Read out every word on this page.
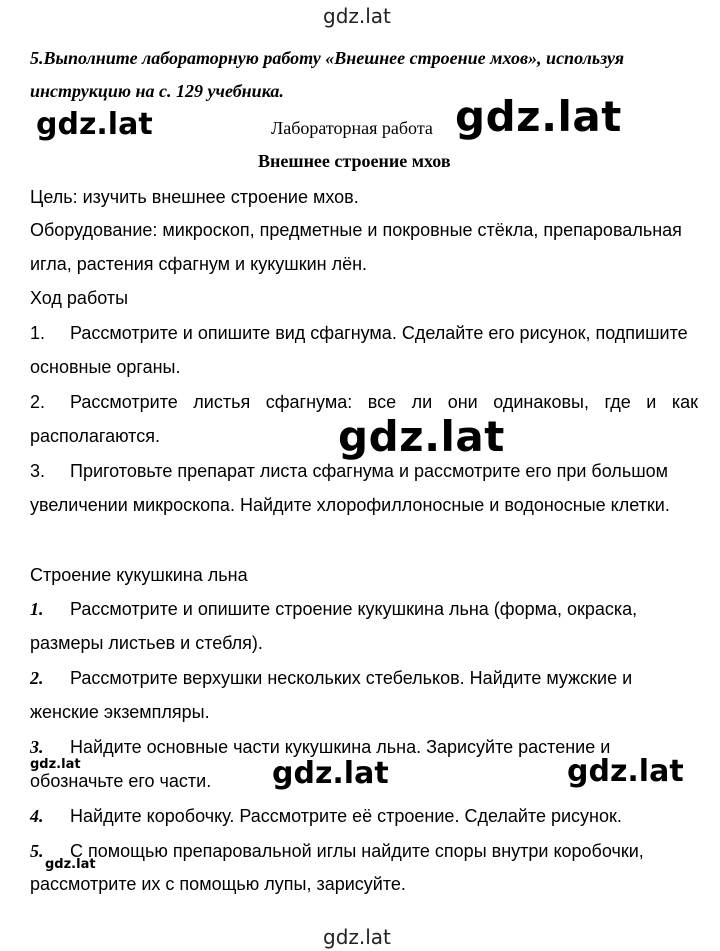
gdz.lat
5.Выполните лабораторную работу «Внешнее строение мхов», используя
инструкцию на с. 129 учебника.
gdz.lat	gdz.lat
Лабораторная работа
Внешнее строение мхов
Цель: изучить внешнее строение мхов.
Оборудование: микроскоп, предметные и покровные стёкла, препаровальная
игла, растения сфагнум и кукушкин лён.
Ход работы
1. Рассмотрите и опишите вид сфагнума. Сделайте его рисунок, подпишите
основные органы.
2.	Рассмотрите листья сфагнума: все ли они одинаковы, где и как
располагаются.
3. Приготовьте препарат листа сфагнума и рассмотрите его при большом
увеличении микроскопа. Найдите хлорофиллоносные и водоносные клетки.
gdz.lat
Строение кукушкина льна
1. Рассмотрите и опишите строение кукушкина льна (форма, окраска,
размеры листьев и стебля).
2. Рассмотрите верхушки нескольких стебельков. Найдите мужские и
женские экземпляры.
3. Найдите основные части кукушкина льна. Зарисуйте растение и
gdz.lat
обозначьте его части. gdz.lat	gdz.lat
4. Найдите коробочку. Рассмотрите её строение. Сделайте рисунок.
5. С помощью препаровальной иглы найдите споры внутри коробочки,
gdz.lat
рассмотрите их с помощью лупы, зарисуйте.
gdz.lat
